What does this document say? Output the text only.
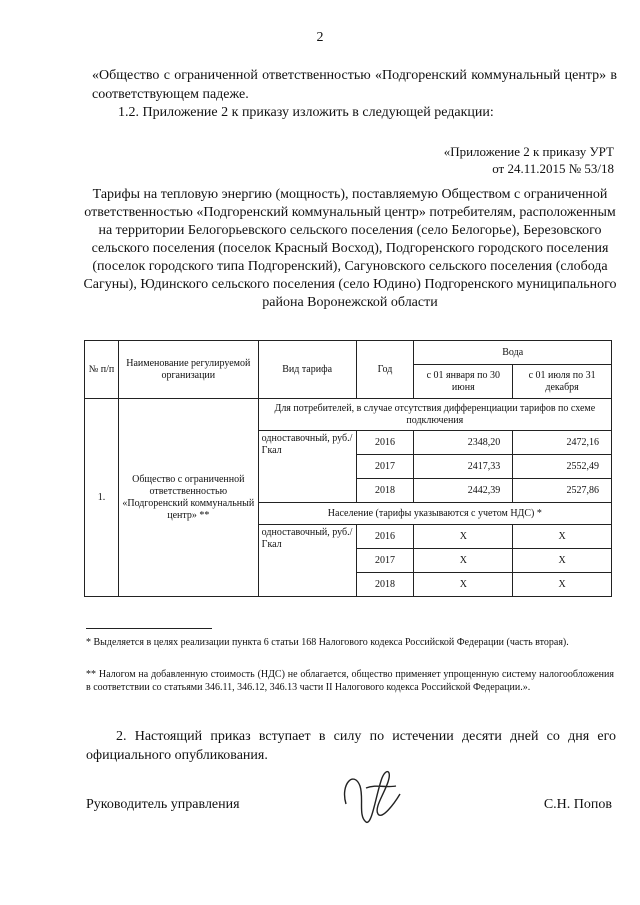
2
«Общество с ограниченной ответственностью «Подгоренский коммунальный центр» в соответствующем падеже.
1.2. Приложение 2 к приказу изложить в следующей редакции:
«Приложение 2 к приказу УРТ
от 24.11.2015 № 53/18
Тарифы на тепловую энергию (мощность), поставляемую Обществом с ограниченной ответственностью «Подгоренский коммунальный центр» потребителям, расположенным на территории Белогорьевского сельского поселения (село Белогорье), Березовского сельского поселения (поселок Красный Восход), Подгоренского городского поселения (поселок городского типа Подгоренский), Сагуновского сельского поселения (слобода Сагуны), Юдинского сельского поселения (село Юдино) Подгоренского муниципального района Воронежской области
№ п/п	Наименование регулируемой организации	Вид тарифа	Год	Вода	
				с 01 января по 30 июня	с 01 июля по 31 декабря
1.	Общество с ограниченной ответственностью «Подгоренский коммунальный центр» **	Для потребителей, в случае отсутствия дифференциации тарифов по схеме подключения			
		одноставочный, руб./Гкал	2016	2348,20	2472,16
			2017	2417,33	2552,49
			2018	2442,39	2527,86
		Население (тарифы указываются с учетом НДС) *			
		одноставочный, руб./Гкал	2016	X	X
			2017	X	X
			2018	X	X
* Выделяется в целях реализации пункта 6 статьи 168 Налогового кодекса Российской Федерации (часть вторая).
** Налогом на добавленную стоимость (НДС) не облагается, общество применяет упрощенную систему налогообложения в соответствии со статьями 346.11, 346.12, 346.13 части II Налогового кодекса Российской Федерации.».
2. Настоящий приказ вступает в силу по истечении десяти дней со дня его официального опубликования.
Руководитель управления	С.Н. Попов
